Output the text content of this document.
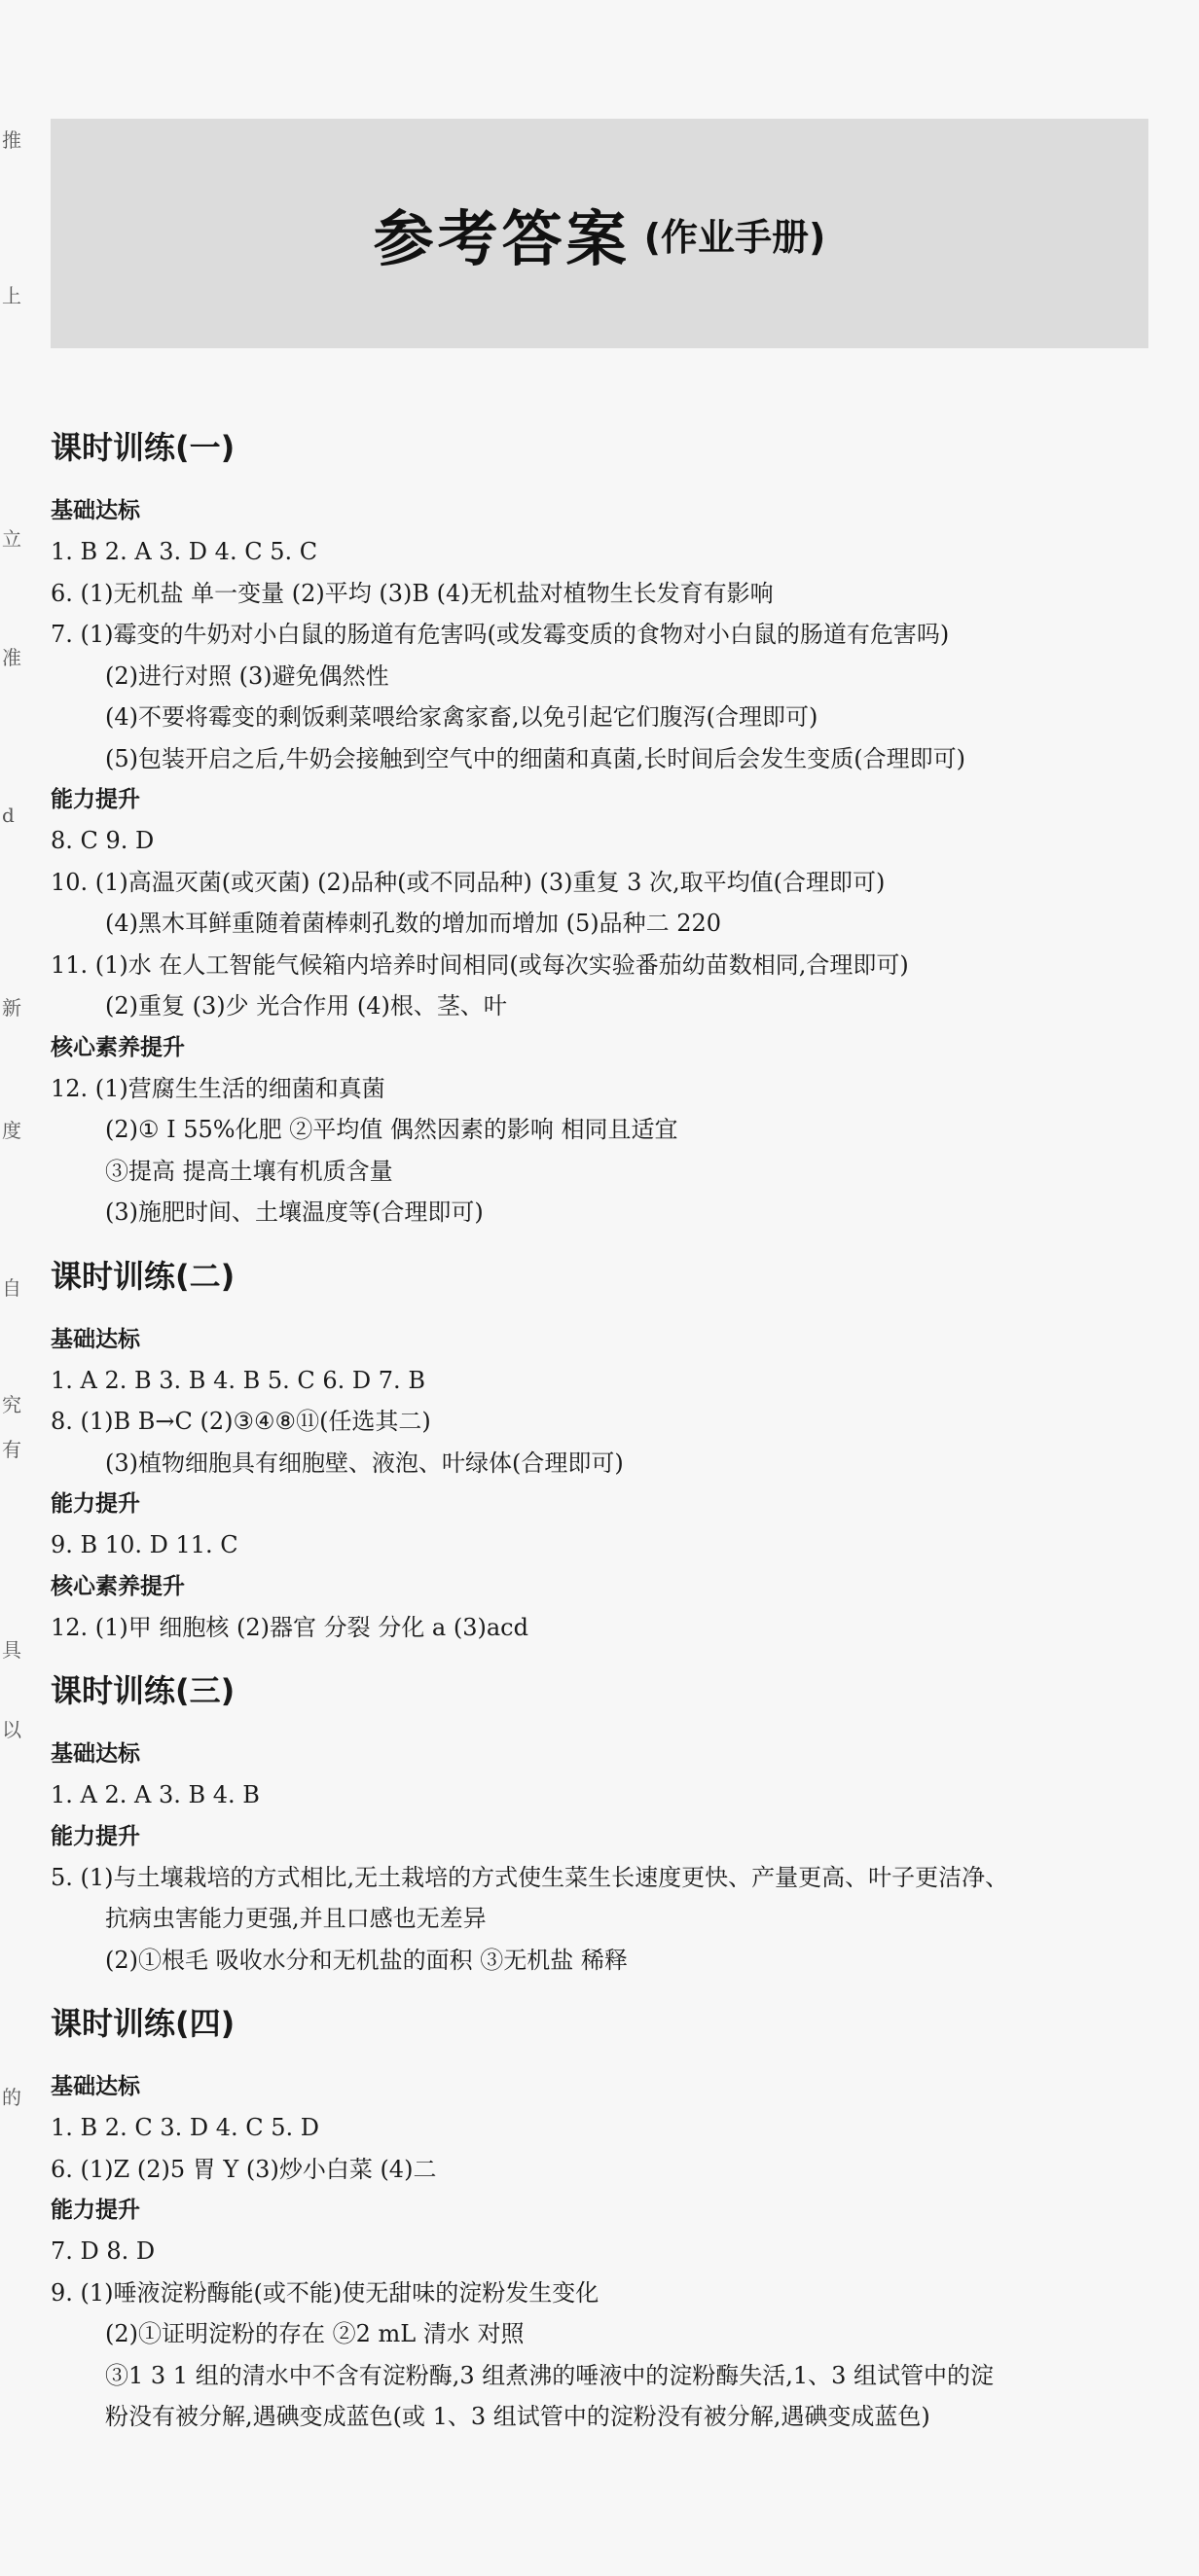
推
上
立
准
d
新
度
自
究
有
具
以
的
参考答案 (作业手册)
课时训练(一)
基础达标
1. B 2. A 3. D 4. C 5. C
6. (1)无机盐 单一变量 (2)平均 (3)B (4)无机盐对植物生长发育有影响
7. (1)霉变的牛奶对小白鼠的肠道有危害吗(或发霉变质的食物对小白鼠的肠道有危害吗)
(2)进行对照 (3)避免偶然性
(4)不要将霉变的剩饭剩菜喂给家禽家畜,以免引起它们腹泻(合理即可)
(5)包装开启之后,牛奶会接触到空气中的细菌和真菌,长时间后会发生变质(合理即可)
能力提升
8. C 9. D
10. (1)高温灭菌(或灭菌) (2)品种(或不同品种) (3)重复 3 次,取平均值(合理即可)
(4)黑木耳鲜重随着菌棒刺孔数的增加而增加 (5)品种二 220
11. (1)水 在人工智能气候箱内培养时间相同(或每次实验番茄幼苗数相同,合理即可)
(2)重复 (3)少 光合作用 (4)根、茎、叶
核心素养提升
12. (1)营腐生生活的细菌和真菌
(2)① Ⅰ 55%化肥 ②平均值 偶然因素的影响 相同且适宜
③提高 提高土壤有机质含量
(3)施肥时间、土壤温度等(合理即可)
课时训练(二)
基础达标
1. A 2. B 3. B 4. B 5. C 6. D 7. B
8. (1)B B→C (2)③④⑧⑪(任选其二)
(3)植物细胞具有细胞壁、液泡、叶绿体(合理即可)
能力提升
9. B 10. D 11. C
核心素养提升
12. (1)甲 细胞核 (2)器官 分裂 分化 a (3)acd
课时训练(三)
基础达标
1. A 2. A 3. B 4. B
能力提升
5. (1)与土壤栽培的方式相比,无土栽培的方式使生菜生长速度更快、产量更高、叶子更洁净、
抗病虫害能力更强,并且口感也无差异
(2)①根毛 吸收水分和无机盐的面积 ③无机盐 稀释
课时训练(四)
基础达标
1. B 2. C 3. D 4. C 5. D
6. (1)Z (2)5 胃 Y (3)炒小白菜 (4)二
能力提升
7. D 8. D
9. (1)唾液淀粉酶能(或不能)使无甜味的淀粉发生变化
(2)①证明淀粉的存在 ②2 mL 清水 对照
③1 3 1 组的清水中不含有淀粉酶,3 组煮沸的唾液中的淀粉酶失活,1、3 组试管中的淀
粉没有被分解,遇碘变成蓝色(或 1、3 组试管中的淀粉没有被分解,遇碘变成蓝色)
